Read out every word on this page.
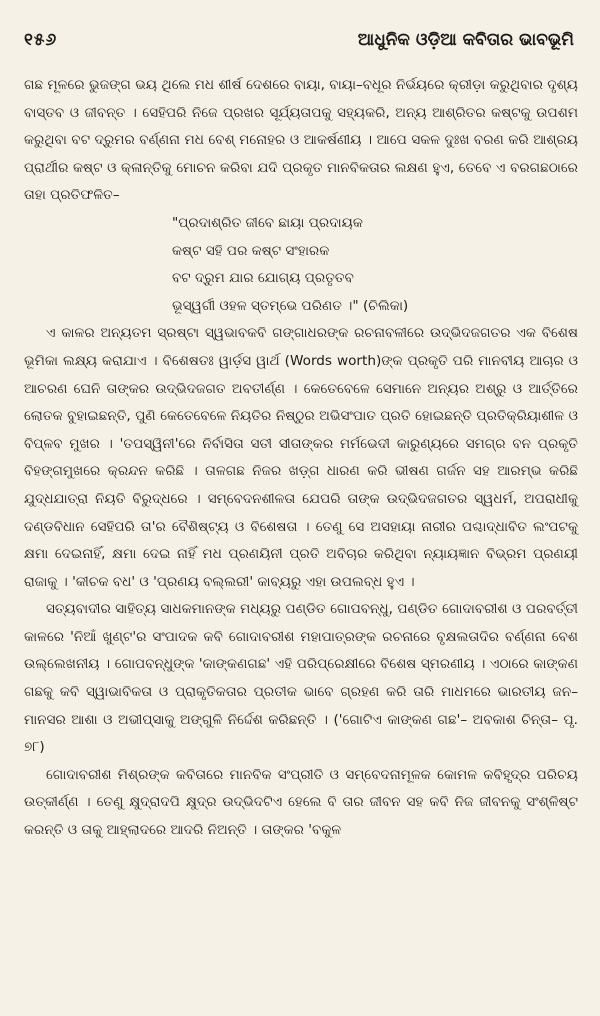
୧୫୬	ଆଧୁନିକ ଓଡ଼ିଆ କବିତାର ଭାବଭୂମି

ଗଛ ମୂଳରେ ଭୁଜଙ୍ଗ ଭୟ ଥିଲେ ମଧ ଶୀର୍ଷ ଦେଶରେ ବାୟା, ବାୟା–ବଧୂର ନିର୍ଭୟରେ କ୍ରୀଡ଼ା କରୁଥିବାର ଦୃଶ୍ୟ ବାସ୍ତବ ଓ ଜୀବନ୍ତ । ସେହିପରି ନିଜେ ପ୍ରଖର ସୂର୍ଯ୍ୟତାପକୁ ସହ୍ୟକରି, ଅନ୍ୟ ଆଶ୍ରିତର କଷ୍ଟକୁ ଉପଶମ କରୁଥିବା ବଟ ଦ୍ରୁମର ବର୍ଣ୍ଣନା ମଧ ବେଶ୍ ମନୋହର ଓ ଆକର୍ଷଣୀୟ । ଆପେ ସକଳ ଦୁଃଖ ବରଣ କରି ଆଶ୍ରୟ ପ୍ରାର୍ଥୀର କଷ୍ଟ ଓ କ୍ଳାନ୍ତିକୁ ମୋଚନ କରିବା ଯଦି ପ୍ରକୃତ ମାନବିକତାର ଲକ୍ଷଣ ହୁଏ, ତେବେ ଏ ବରଗଛଠାରେ ତାହା ପ୍ରତିଫଳିତ–

"ପ୍ରଦାଶ୍ରିତ ଜୀବେ ଛାୟା ପ୍ରଦାୟକ
କଷ୍ଟ ସହି ପର କଷ୍ଟ ସଂହାରକ
ବଟ ଦ୍ରୁମ ଯାର ଯୋଗ୍ୟ ପ୍ରତୃତବ
ଭୂସ୍ୱର୍ଗୀ ଓହଳ ସ୍ତମ୍ଭେ ପରିଣତ ।" (ଚିଲିକା)

ଏ କାଳର ଅନ୍ୟତମ ସ୍ରଷ୍ଟା ସ୍ୱଭାବକବି ଗଙ୍ଗାଧରଙ୍କ ରଚନାବଳୀରେ ଉଦ୍ଭିଦଜଗତର ଏକ ବିଶେଷ ଭୂମିକା ଲକ୍ଷ୍ୟ କରାଯାଏ । ବିଶେଷତଃ ୱାର୍ଡ଼ସ ୱାର୍ଥ (Words worth)ଙ୍କ ପ୍ରକୃତି ପରି ମାନବୀୟ ଆଚାର ଓ ଆଚରଣ ଘେନି ତାଙ୍କର ଉଦ୍ଭିଦଜଗତ ଅବତୀର୍ଣ୍ଣ । କେତେବେଳେ ସେମାନେ ଅନ୍ୟର ଅଶ୍ରୁ ଓ ଆର୍ତ୍ତିରେ ଲୋତକ ବୁହାଇଛନ୍ତି, ପୁଣି କେତେବେଳେ ନିୟତିର ନିଷ୍ଠୁର ଅଭିସଂପାତ ପ୍ରତି ହୋଇଛନ୍ତି ପ୍ରତିକ୍ରିୟାଶୀଳ ଓ ବିପ୍ଳବ ମୁଖର । 'ତପସ୍ୱିନୀ'ରେ ନିର୍ବାସିତା ସତୀ ସୀତାଙ୍କର ମର୍ମଭେଦୀ କାରୁଣ୍ୟରେ ସମଗ୍ର ବନ ପ୍ରକୃତି ବିହଙ୍ଗମୁଖରେ କ୍ରନ୍ଦନ କରିଛି । ତାଳଗଛ ନିଜର ଖଡ଼୍ଗ ଧାରଣ କରି ଭୀଷଣ ଗର୍ଜନ ସହ ଆରମ୍ଭ କରିଛି ଯୁଦ୍ଧଯାତ୍ରା ନିୟତି ବିରୁଦ୍ଧରେ । ସମ୍ବେଦନଶୀଳତା ଯେପରି ତାଙ୍କ ଉଦ୍ଭିଦଜଗତର ସ୍ୱଧର୍ମ, ଅପରାଧୀକୁ ଦଣ୍ଡବିଧାନ ସେହିପରି ତା'ର ବୈଶିଷ୍ଟ୍ୟ ଓ ବିଶେଷତା । ତେଣୁ ସେ ଅସହାୟା ନାରୀର ପଶ୍ଚାଦ୍ଧାବିତ ଲଂପଟକୁ କ୍ଷମା ଦେଇନାହିଁ, କ୍ଷମା ଦେଇ ନାହିଁ ମଧ ପ୍ରଣୟିନୀ ପ୍ରତି ଅବିଚାର କରିଥିବା ନ୍ୟାୟଜ୍ଞାନ ବିଭ୍ରମ ପ୍ରଣୟୀ ରାଜାକୁ । 'କୀଚକ ବଧ' ଓ 'ପ୍ରଣୟ ବଲ୍ଲରୀ' କାବ୍ୟରୁ ଏହା ଉପଲବ୍ଧ ହୁଏ ।

ସତ୍ୟବାଦୀର ସାହିତ୍ୟ ସାଧକମାନଙ୍କ ମଧ୍ୟରୁ ପଣ୍ଡିତ ଗୋପବନ୍ଧୁ, ପଣ୍ଡିତ ଗୋଦାବରୀଶ ଓ ପରବର୍ତ୍ତୀ କାଳରେ 'ନିଆଁ ଖୁଣ୍ଟ'ର ସଂପାଦକ କବି ଗୋଦାବରୀଶ ମହାପାତ୍ରଙ୍କ ରଚନାରେ ବୃକ୍ଷଲତାଦିର ବର୍ଣ୍ଣନା ବେଶ ଉଲ୍ଲେଖନୀୟ । ଗୋପବନ୍ଧୁଙ୍କ 'କାଙ୍କଣଗଛ' ଏହି ପରିପ୍ରେକ୍ଷୀରେ ବିଶେଷ ସ୍ମରଣୀୟ । ଏଠାରେ କାଙ୍କଣ ଗଛକୁ କବି ସ୍ୱାଭାବିକତା ଓ ପ୍ରାକୃତିକତାର ପ୍ରତୀକ ଭାବେ ଗ୍ରହଣ କରି ତାରି ମାଧମରେ ଭାରତୀୟ ଜନ–ମାନସର ଆଶା ଓ ଅଭୀପ୍ସାକୁ ଅଙ୍ଗୁଳି ନିର୍ଦ୍ଦେଶ କରିଛନ୍ତି । ('ଗୋଟିଏ କାଙ୍କଣ ଗଛ'– ଅବକାଶ ଚିନ୍ତା– ପୃ. ୭୮)

ଗୋଦାବରୀଶ ମିଶ୍ରଙ୍କ କବିତାରେ ମାନବିକ ସଂପ୍ରୀତି ଓ ସମ୍ବେଦନାମୂଳକ କୋମଳ କବିହୃଦ୍‌ର ପରିଚୟ ଉତ୍କୀର୍ଣ୍ଣ । ତେଣୁ କ୍ଷୁଦ୍ରାଦପି କ୍ଷୁଦ୍ର ଉଦ୍ଭିଦଟିଏ ହେଲେ ବି ତାର ଜୀବନ ସହ କବି ନିଜ ଜୀବନକୁ ସଂଶ୍ଳିଷ୍ଟ କରନ୍ତି ଓ ତାକୁ ଆହ୍ଲାଦରେ ଆଦରି ନିଅନ୍ତି । ତାଙ୍କର 'ବକୁଳ
